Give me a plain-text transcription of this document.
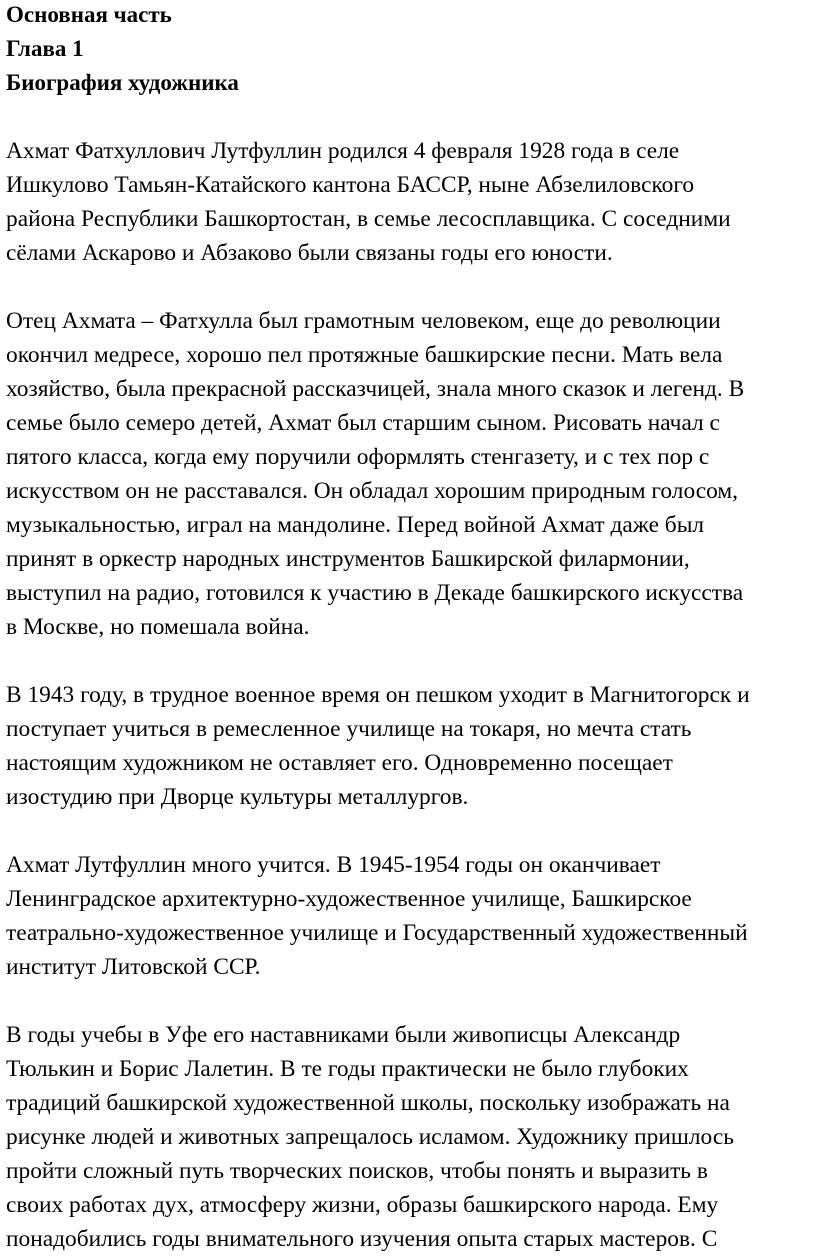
Основная часть
Глава 1
Биография художника
Ахмат Фатхуллович Лутфуллин родился 4 февраля 1928 года в селе
Ишкулово Тамьян-Катайского кантона БАССР, ныне Абзелиловского
района Республики Башкортостан, в семье лесосплавщика. С соседними
сёлами Аскарово и Абзаково были связаны годы его юности.
Отец Ахмата – Фатхулла был грамотным человеком, еще до революции
окончил медресе, хорошо пел протяжные башкирские песни. Мать вела
хозяйство, была прекрасной рассказчицей, знала много сказок и легенд. В
семье было семеро детей, Ахмат был старшим сыном. Рисовать начал с
пятого класса, когда ему поручили оформлять стенгазету, и с тех пор с
искусством он не расставался. Он обладал хорошим природным голосом,
музыкальностью, играл на мандолине. Перед войной Ахмат даже был
принят в оркестр народных инструментов Башкирской филармонии,
выступил на радио, готовился к участию в Декаде башкирского искусства
в Москве, но помешала война.
В 1943 году, в трудное военное время он пешком уходит в Магнитогорск и
поступает учиться в ремесленное училище на токаря, но мечта стать
настоящим художником не оставляет его. Одновременно посещает
изостудию при Дворце культуры металлургов.
Ахмат Лутфуллин много учится. В 1945-1954 годы он оканчивает
Ленинградское архитектурно-художественное училище, Башкирское
театрально-художественное училище и Государственный художественный
институт Литовской ССР.
В годы учебы в Уфе его наставниками были живописцы Александр
Тюлькин и Борис Лалетин. В те годы практически не было глубоких
традиций башкирской художественной школы, поскольку изображать на
рисунке людей и животных запрещалось исламом. Художнику пришлось
пройти сложный путь творческих поисков, чтобы понять и выразить в
своих работах дух, атмосферу жизни, образы башкирского народа. Ему
понадобились годы внимательного изучения опыта старых мастеров. С
